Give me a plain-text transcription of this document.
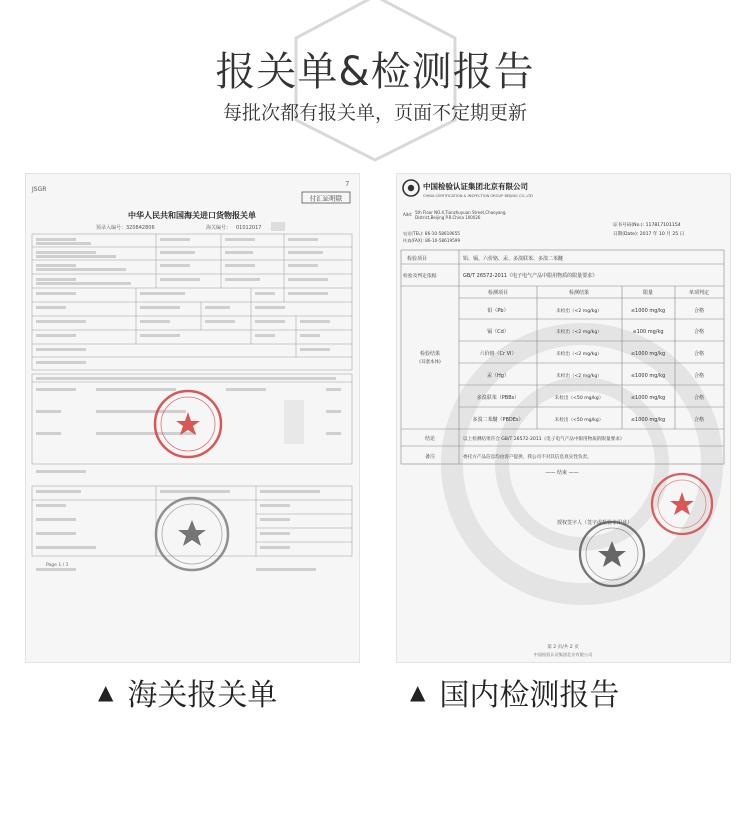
报关单&检测报告
每批次都有报关单，页面不定期更新
JSGR
7
付汇证明联
中华人民共和国海关进口货物报关单
预录入编号： 320842806	海关编号： 01012017
Page 1 / 1
中国检验认证集团北京有限公司
CHINA CERTIFICATION & INSPECTION GROUP BEIJING CO.,LTD
Add: 5th Floor NO.4,Tianzhuyuan Street,Chaoyang District,Beijing P.R.China 100026
电话(TEL): 86-10-58619655
传真(FAX): 86-10-58619599
证书号码(No.): 117817101154
日期(Date): 2017 年 10 月 25 日
检验项目	铅、镉、六价铬、汞、多溴联苯、多溴二苯醚
检验及判定依据	GB/T 26572-2011《电子电气产品中限用物质的限量要求》
检测项目	检测结果	限量	单项判定
检验结果
(耳塞本体)
铅（Pb）	未检出（<2 mg/kg）	≤1000 mg/kg	合格
镉（Cd）	未检出（<2 mg/kg）	≤100 mg/kg	合格
六价铬（Cr VI）	未检出（<2 mg/kg）	≤1000 mg/kg	合格
汞（Hg）	未检出（<2 mg/kg）	≤1000 mg/kg	合格
多溴联苯（PBBs）	未检出（<50 mg/kg）	≤1000 mg/kg	合格
多溴二苯醚（PBDEs）	未检出（<50 mg/kg）	≤1000 mg/kg	合格
结论	以上检测结果符合 GB/T 26572-2011《电子电气产品中限用物质的限量要求》
备注	委托方产品信息均由客户提供，我公司不对其信息真实性负责。
—— 结束 ——
授权签字人（签字或检验专用章）
第 2 页/共 2 页
中国检验认证集团北京有限公司
▲ 海关报关单	▲ 国内检测报告
